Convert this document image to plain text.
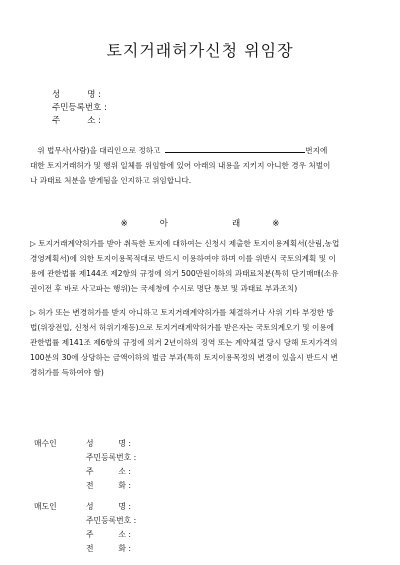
토지거래허가신청 위임장
성          명 :
주민등록번호 :
주          소 :
위 법무사(사람)을 대리인으로 정하고	번지에
대한 토지거래허가 및 행위 일체를 위임함에 있어 아래의 내용을 지키지 아니한 경우 처벌이
나 과태료 처분을 받게됨을 인지하고 위임합니다.
※	아	래	※
▷ 토지거래계약허가를 받아 취득한 토지에 대하여는 신청시 제출한 토지이용계획서(산림,농업
경영계획서)에 의한 토지이용목적대로 반드시 이용하여야 하며 이를 위반시 국토의계획 및 이
용에 관한법률 제144조 제2항의 규정에 의거 500만원이하의 과태료처분(특히 단기매매(소유
권이전 후 바로 사고파는 행위)는 국세청에 수시로 명단 통보 및 과태료 부과조치)
▷ 허가 또는 변경허가를 받지 아니하고 토지거래계약허가를 체결하거나 사위 기타 부정한 방
법(위장전입, 신청서 허위기재등)으로 토지거래계약허가를 받은자는 국토의계오기 및 이용에
관한법률 제141조 제6항의 규정에 의거 2년이하의 징역 또는 계약체결 당시 당해 토지가격의
100분의 30에 상당하는 금액이하의 벌금 부과(특히 토지이용목정의 변경이 있을시 반드시 변
경허가를 득하여야 함)
매수인	성          명 :
주민등록번호 :
주          소 :
전          화 :
매도인	성          명 :
주민등록번호 :
주          소 :
전          화 :
